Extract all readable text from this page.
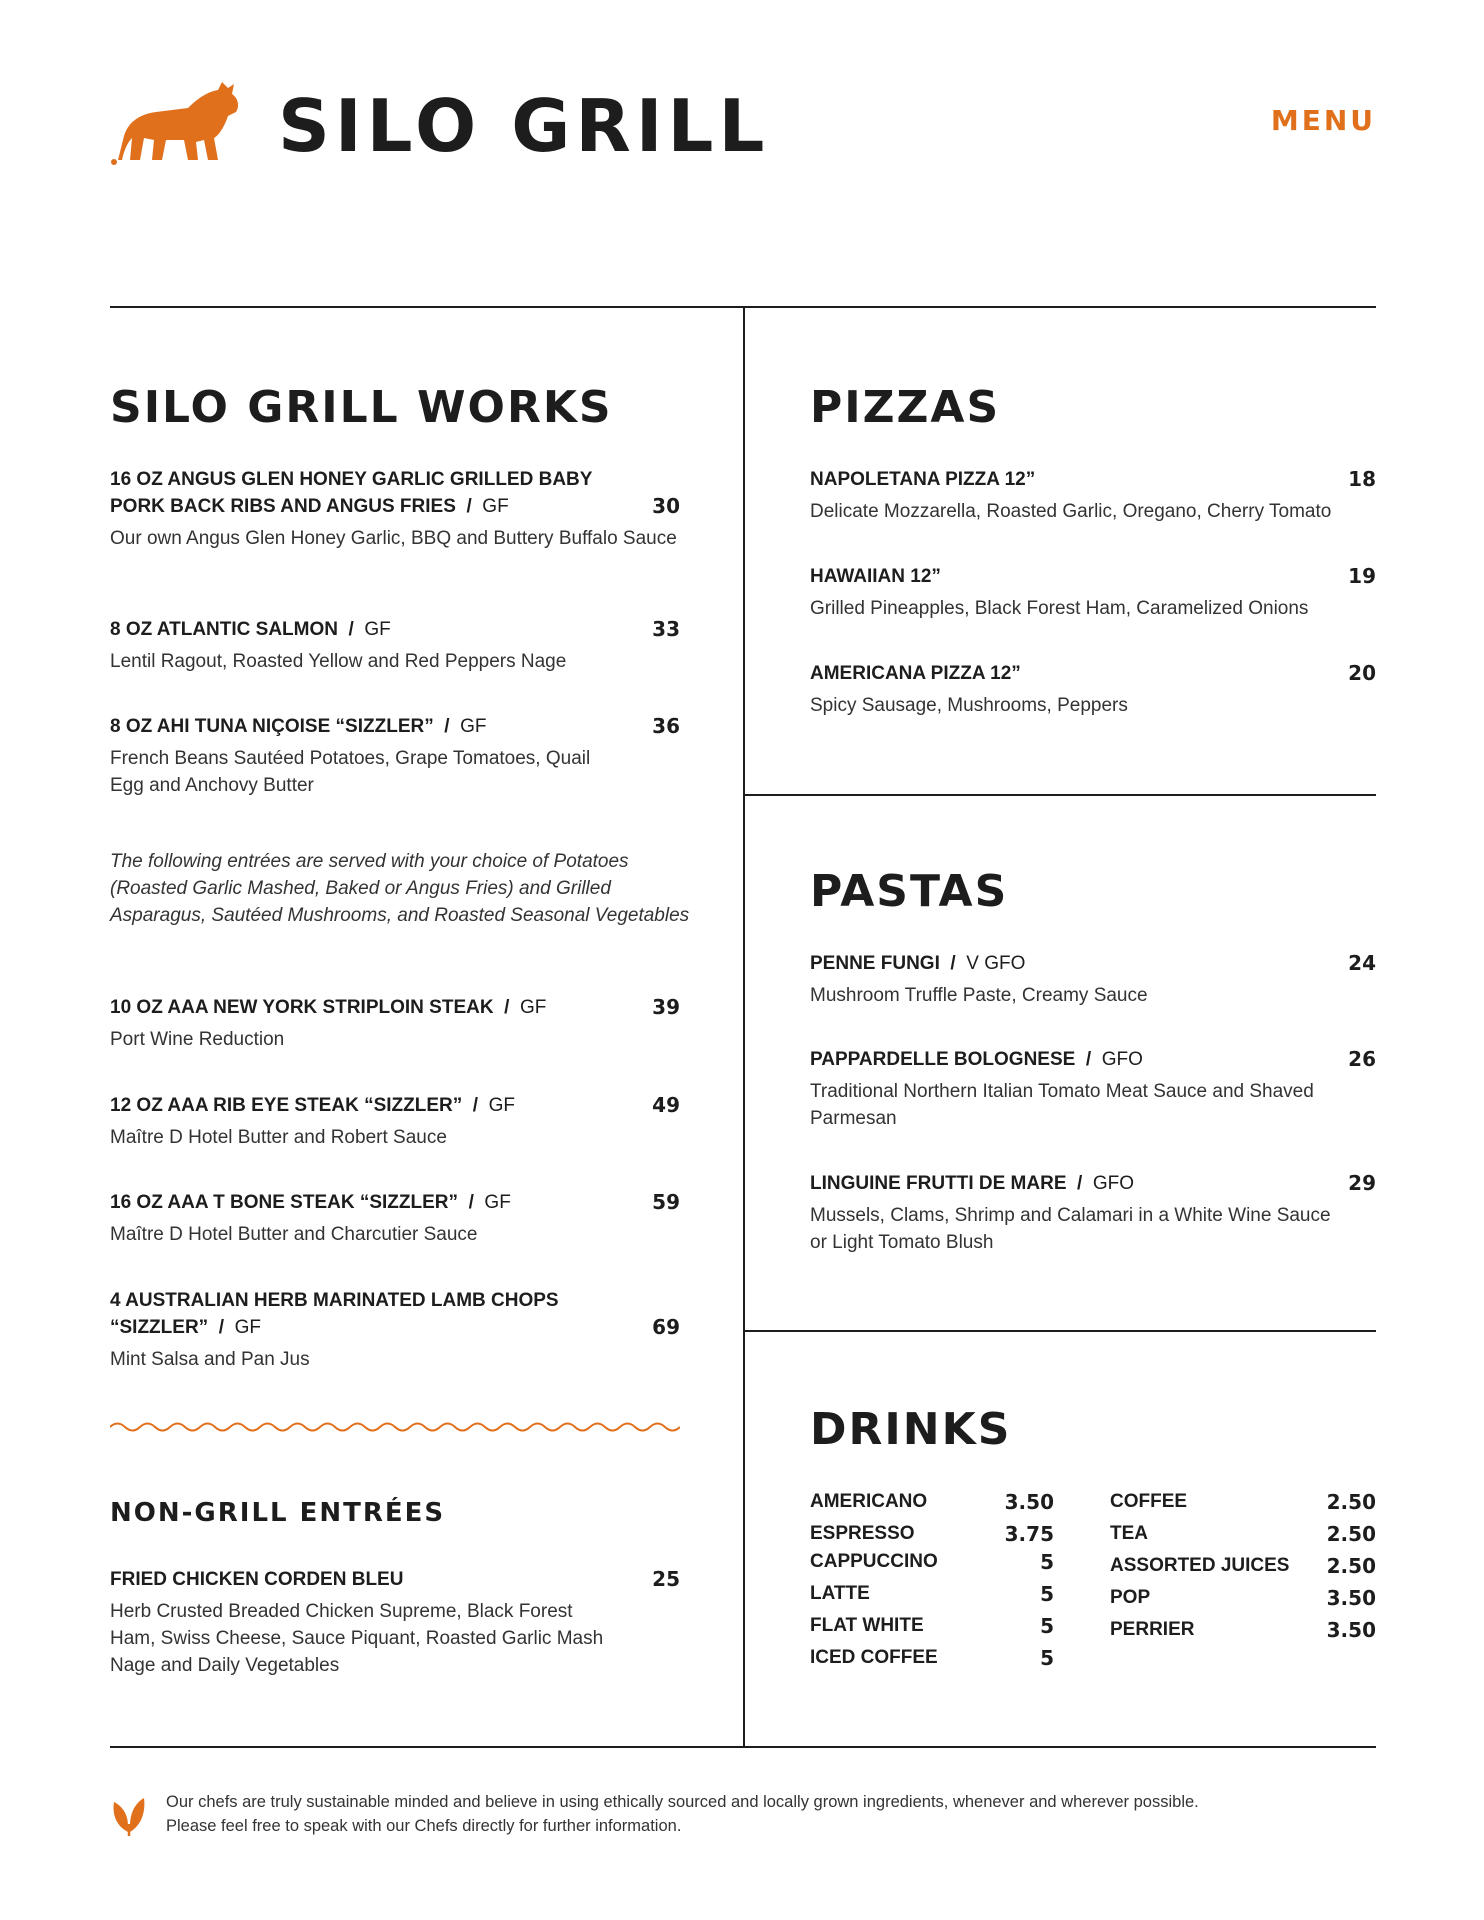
SILO GRILL	MENU
SILO GRILL WORKS
16 OZ ANGUS GLEN HONEY GARLIC GRILLED BABY PORK BACK RIBS AND ANGUS FRIES  /  GF	30
Our own Angus Glen Honey Garlic, BBQ and Buttery Buffalo Sauce
8 OZ ATLANTIC SALMON  /  GF	33
Lentil Ragout, Roasted Yellow and Red Peppers Nage
8 OZ AHI TUNA NIÇOISE “SIZZLER”  /  GF	36
French Beans Sautéed Potatoes, Grape Tomatoes, Quail Egg and Anchovy Butter
The following entrées are served with your choice of Potatoes (Roasted Garlic Mashed, Baked or Angus Fries) and Grilled Asparagus, Sautéed Mushrooms, and Roasted Seasonal Vegetables
10 OZ AAA NEW YORK STRIPLOIN STEAK  /  GF	39
Port Wine Reduction
12 OZ AAA RIB EYE STEAK “SIZZLER”  /  GF	49
Maître D Hotel Butter and Robert Sauce
16 OZ AAA T BONE STEAK “SIZZLER”  /  GF	59
Maître D Hotel Butter and Charcutier Sauce
4 AUSTRALIAN HERB MARINATED LAMB CHOPS “SIZZLER”  /  GF	69
Mint Salsa and Pan Jus
NON-GRILL ENTRÉES
FRIED CHICKEN CORDEN BLEU	25
Herb Crusted Breaded Chicken Supreme, Black Forest Ham, Swiss Cheese, Sauce Piquant, Roasted Garlic Mash Nage and Daily Vegetables
PIZZAS
NAPOLETANA PIZZA 12”	18
Delicate Mozzarella, Roasted Garlic, Oregano, Cherry Tomato
HAWAIIAN 12”	19
Grilled Pineapples, Black Forest Ham, Caramelized Onions
AMERICANA PIZZA 12”	20
Spicy Sausage, Mushrooms, Peppers
PASTAS
PENNE FUNGI  /  V GFO	24
Mushroom Truffle Paste, Creamy Sauce
PAPPARDELLE BOLOGNESE  /  GFO	26
Traditional Northern Italian Tomato Meat Sauce and Shaved Parmesan
LINGUINE FRUTTI DE MARE  /  GFO	29
Mussels, Clams, Shrimp and Calamari in a White Wine Sauce or Light Tomato Blush
DRINKS
AMERICANO	3.50
ESPRESSO	3.75
CAPPUCCINO	5
LATTE	5
FLAT WHITE	5
ICED COFFEE	5
COFFEE	2.50
TEA	2.50
ASSORTED JUICES 2.50
POP	3.50
PERRIER	3.50
Our chefs are truly sustainable minded and believe in using ethically sourced and locally grown ingredients, whenever and wherever possible.
Please feel free to speak with our Chefs directly for further information.
